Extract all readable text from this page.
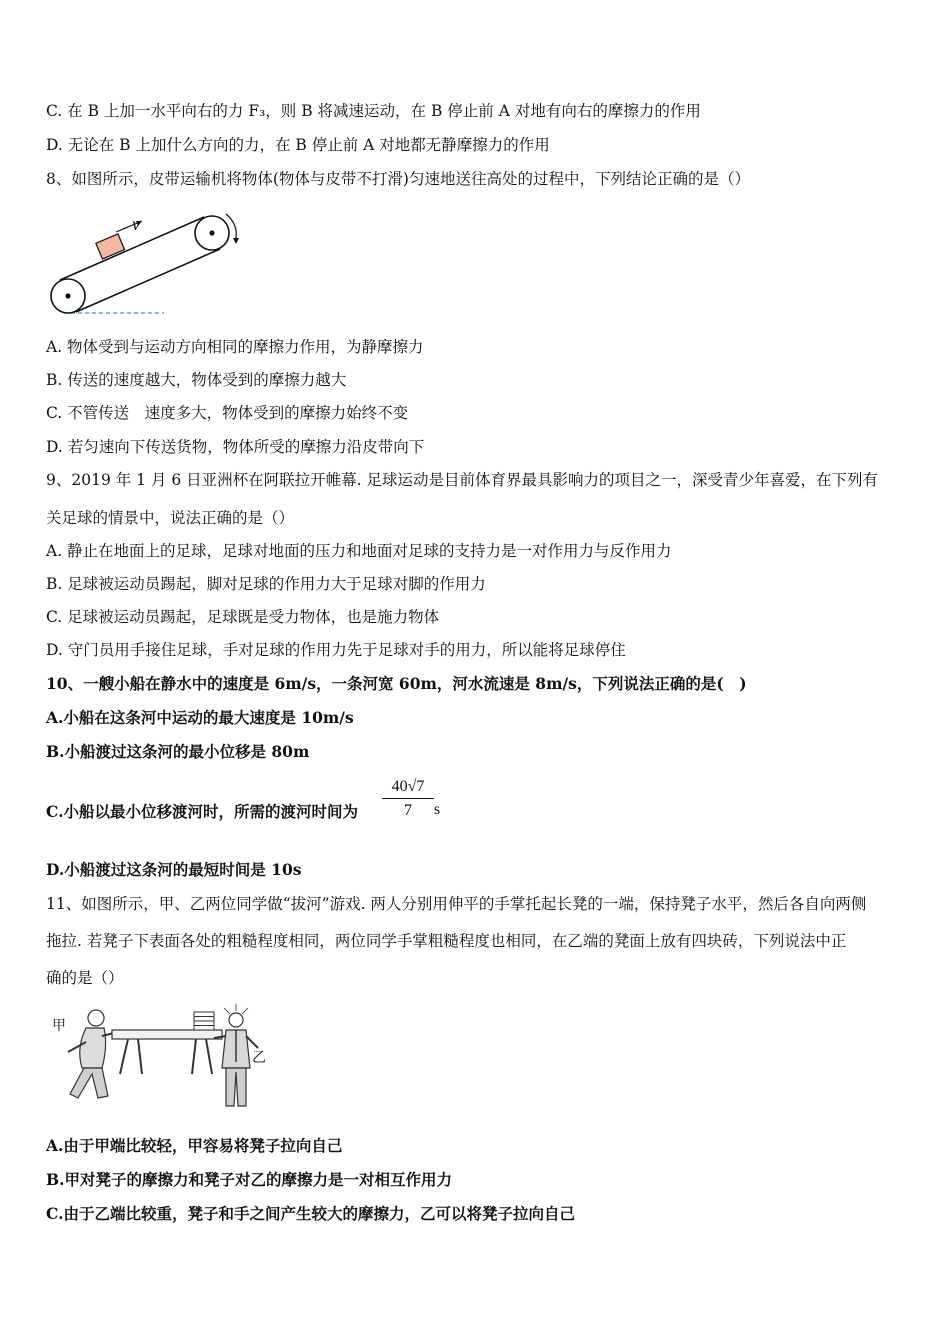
C. 在 B 上加一水平向右的力 F₃，则 B 将减速运动，在 B 停止前 A 对地有向右的摩擦力的作用
D. 无论在 B 上加什么方向的力，在 B 停止前 A 对地都无静摩擦力的作用
8、如图所示，皮带运输机将物体(物体与皮带不打滑)匀速地送往高处的过程中，下列结论正确的是（）
v
A. 物体受到与运动方向相同的摩擦力作用，为静摩擦力
B. 传送的速度越大，物体受到的摩擦力越大
C. 不管传送　速度多大，物体受到的摩擦力始终不变
D. 若匀速向下传送货物，物体所受的摩擦力沿皮带向下
9、2019 年 1 月 6 日亚洲杯在阿联拉开帷幕. 足球运动是目前体育界最具影响力的项目之一，深受青少年喜爱，在下列有
关足球的情景中，说法正确的是（）
A. 静止在地面上的足球，足球对地面的压力和地面对足球的支持力是一对作用力与反作用力
B. 足球被运动员踢起，脚对足球的作用力大于足球对脚的作用力
C. 足球被运动员踢起，足球既是受力物体，也是施力物体
D. 守门员用手接住足球，手对足球的作用力先于足球对手的用力，所以能将足球停住
10、一艘小船在静水中的速度是 6m/s，一条河宽 60m，河水流速是 8m/s，下列说法正确的是(　)
A.小船在这条河中运动的最大速度是 10m/s
B.小船渡过这条河的最小位移是 80m
C.小船以最小位移渡河时，所需的渡河时间为 $\frac{40√7}{7}$ s
D.小船渡过这条河的最短时间是 10s
11、如图所示，甲、乙两位同学做“拔河”游戏. 两人分别用伸平的手掌托起长凳的一端，保持凳子水平，然后各自向两侧
拖拉. 若凳子下表面各处的粗糙程度相同，两位同学手掌粗糙程度也相同，在乙端的凳面上放有四块砖，下列说法中正
确的是（）
甲
乙
A.由于甲端比较轻，甲容易将凳子拉向自己
B.甲对凳子的摩擦力和凳子对乙的摩擦力是一对相互作用力
C.由于乙端比较重，凳子和手之间产生较大的摩擦力，乙可以将凳子拉向自己
